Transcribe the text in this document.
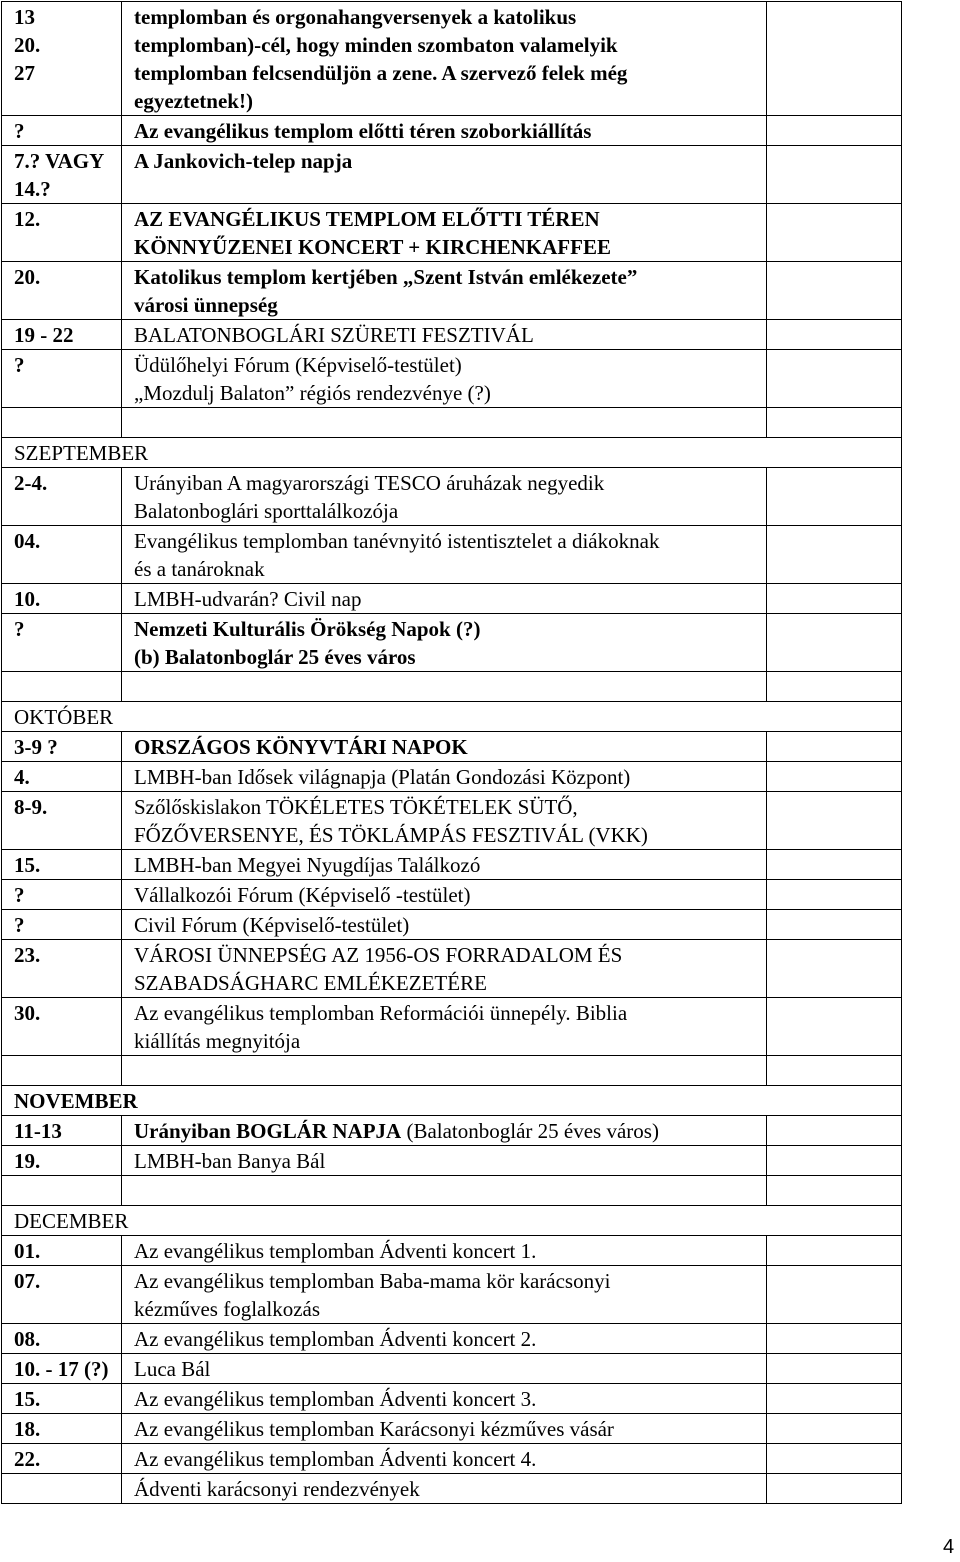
13
20.
27	templomban és orgonahangversenyek a katolikus
templomban)-cél, hogy minden szombaton valamelyik
templomban felcsendüljön a zene. A szervező felek még
egyeztetnek!)	

?	Az evangélikus templom előtti téren szoborkiállítás	

7.? VAGY
14.?	A Jankovich-telep napja	

12.	AZ EVANGÉLIKUS TEMPLOM ELŐTTI TÉREN
KÖNNYŰZENEI KONCERT + KIRCHENKAFFEE	

20.	Katolikus templom kertjében „Szent István emlékezete”
városi ünnepség	

19 - 22	BALATONBOGLÁRI SZÜRETI FESZTIVÁL	

?	Üdülőhelyi Fórum (Képviselő-testület)
„Mozdulj Balaton” régiós rendezvénye (?)	

SZEPTEMBER		

2-4.	Urányiban A magyarországi TESCO áruházak negyedik
Balatonboglári sporttalálkozója	

04.	Evangélikus templomban tanévnyitó istentisztelet a diákoknak
és a tanároknak	

10.	LMBH-udvarán? Civil nap	

?	Nemzeti Kulturális Örökség Napok (?)
(b) Balatonboglár 25 éves város	

OKTÓBER		

3-9 ?	ORSZÁGOS KÖNYVTÁRI NAPOK	

4.	LMBH-ban Idősek világnapja (Platán Gondozási Központ)	

8-9.	Szőlőskislakon TÖKÉLETES TÖKÉTELEK SÜTŐ,
FŐZŐVERSENYE, ÉS TÖKLÁMPÁS FESZTIVÁL (VKK)	

15.	LMBH-ban Megyei Nyugdíjas Találkozó	

?	Vállalkozói Fórum (Képviselő -testület)	

?	Civil Fórum (Képviselő-testület)	

23.	VÁROSI ÜNNEPSÉG AZ 1956-OS FORRADALOM ÉS
SZABADSÁGHARC EMLÉKEZETÉRE	

30.	Az evangélikus templomban Reformációi ünnepély. Biblia
kiállítás megnyitója	

NOVEMBER		

11-13	Urányiban BOGLÁR NAPJA (Balatonboglár 25 éves város)	

19.	LMBH-ban Banya Bál	

DECEMBER		

01.	Az evangélikus templomban Ádventi koncert 1.	

07.	Az evangélikus templomban Baba-mama kör karácsonyi
kézműves foglalkozás	

08.	Az evangélikus templomban Ádventi koncert 2.	

10. - 17 (?)	Luca Bál	

15.	Az evangélikus templomban Ádventi koncert 3.	

18.	Az evangélikus templomban Karácsonyi kézműves vásár	

22.	Az evangélikus templomban Ádventi koncert 4.	

	Ádventi karácsonyi rendezvények	

4
